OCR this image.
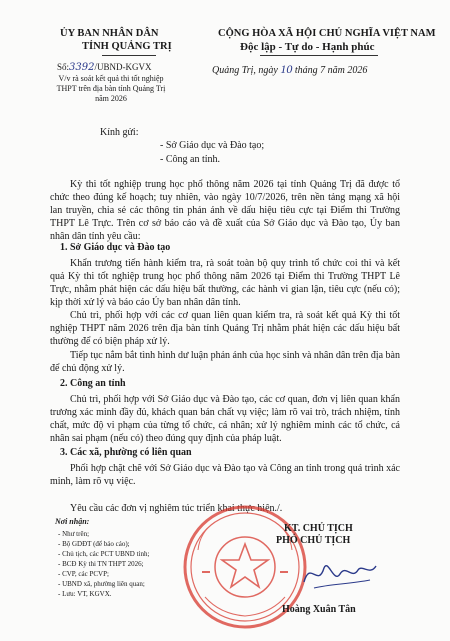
ỦY BAN NHÂN DÂN
TỈNH QUẢNG TRỊ
CỘNG HÒA XÃ HỘI CHỦ NGHĨA VIỆT NAM
Độc lập - Tự do - Hạnh phúc
Số:3392/UBND-KGVX
V/v rà soát kết quả thi tốt nghiệp THPT trên địa bàn tỉnh Quảng Trị năm 2026
Quảng Trị, ngày 10 tháng 7 năm 2026
Kính gửi:
- Sở Giáo dục và Đào tạo;
- Công an tỉnh.
Kỳ thi tốt nghiệp trung học phổ thông năm 2026 tại tỉnh Quảng Trị đã được tổ chức theo đúng kế hoạch; tuy nhiên, vào ngày 10/7/2026, trên nền tảng mạng xã hội lan truyền, chia sẻ các thông tin phản ánh về dấu hiệu tiêu cực tại Điểm thi Trường THPT Lê Trực. Trên cơ sở báo cáo và đề xuất của Sở Giáo dục và Đào tạo, Ủy ban nhân dân tỉnh yêu cầu:
1. Sở Giáo dục và Đào tạo
Khẩn trương tiến hành kiểm tra, rà soát toàn bộ quy trình tổ chức coi thi và kết quả Kỳ thi tốt nghiệp trung học phổ thông năm 2026 tại Điểm thi Trường THPT Lê Trực, nhằm phát hiện các dấu hiệu bất thường, các hành vi gian lận, tiêu cực (nếu có); kịp thời xử lý và báo cáo Ủy ban nhân dân tỉnh.
Chủ trì, phối hợp với các cơ quan liên quan kiểm tra, rà soát kết quả Kỳ thi tốt nghiệp THPT năm 2026 trên địa bàn tỉnh Quảng Trị nhằm phát hiện các dấu hiệu bất thường để có biện pháp xử lý.
Tiếp tục nắm bắt tình hình dư luận phản ánh của học sinh và nhân dân trên địa bàn để chủ động xử lý.
2. Công an tỉnh
Chủ trì, phối hợp với Sở Giáo dục và Đào tạo, các cơ quan, đơn vị liên quan khẩn trương xác minh đầy đủ, khách quan bản chất vụ việc; làm rõ vai trò, trách nhiệm, tính chất, mức độ vi phạm của từng tổ chức, cá nhân; xử lý nghiêm minh các tổ chức, cá nhân sai phạm (nếu có) theo đúng quy định của pháp luật.
3. Các xã, phường có liên quan
Phối hợp chặt chẽ với Sở Giáo dục và Đào tạo và Công an tỉnh trong quá trình xác minh, làm rõ vụ việc.
Yêu cầu các đơn vị nghiêm túc triển khai thực hiện./.
Nơi nhận:
- Như trên;
- Bộ GDĐT (để báo cáo);
- Chủ tịch, các PCT UBND tỉnh;
- BCĐ Kỳ thi TN THPT 2026;
- CVP, các PCVP;
- UBND xã, phường liên quan;
- Lưu: VT, KGVX.
KT. CHỦ TỊCH
PHÓ CHỦ TỊCH
Hoàng Xuân Tân
